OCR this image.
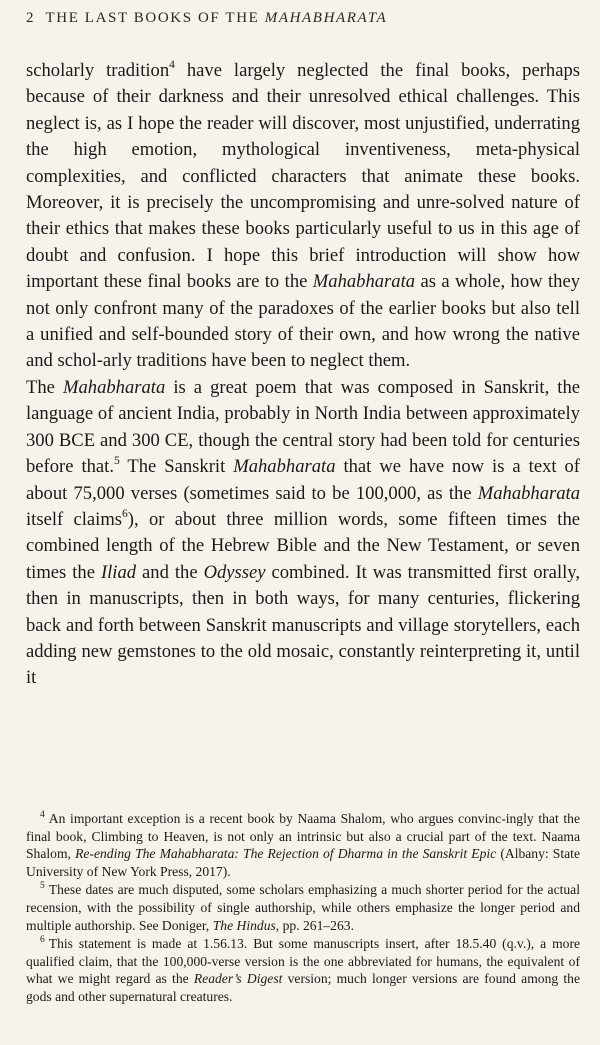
2 THE LAST BOOKS OF THE MAHABHARATA

scholarly tradition$^4$ have largely neglected the final books, perhaps because of their darkness and their unresolved ethical challenges. This neglect is, as I hope the reader will discover, most unjustified, underrating the high emotion, mythological inventiveness, meta-physical complexities, and conflicted characters that animate these books. Moreover, it is precisely the uncompromising and unre-solved nature of their ethics that makes these books particularly useful to us in this age of doubt and confusion. I hope this brief introduction will show how important these final books are to the Mahabharata as a whole, how they not only confront many of the paradoxes of the earlier books but also tell a unified and self-bounded story of their own, and how wrong the native and schol-arly traditions have been to neglect them.

The Mahabharata is a great poem that was composed in Sanskrit, the language of ancient India, probably in North India between approximately 300 BCE and 300 CE, though the central story had been told for centuries before that.$^5$ The Sanskrit Mahabharata that we have now is a text of about 75,000 verses (sometimes said to be 100,000, as the Mahabharata itself claims$^6$), or about three million words, some fifteen times the combined length of the Hebrew Bible and the New Testament, or seven times the Iliad and the Odyssey combined. It was transmitted first orally, then in manuscripts, then in both ways, for many centuries, flickering back and forth between Sanskrit manuscripts and village storytellers, each adding new gemstones to the old mosaic, constantly reinterpreting it, until it

$^4$ An important exception is a recent book by Naama Shalom, who argues convinc-ingly that the final book, Climbing to Heaven, is not only an intrinsic but also a crucial part of the text. Naama Shalom, Re-ending The Mahabharata: The Rejection of Dharma in the Sanskrit Epic (Albany: State University of New York Press, 2017).

$^5$ These dates are much disputed, some scholars emphasizing a much shorter period for the actual recension, with the possibility of single authorship, while others emphasize the longer period and multiple authorship. See Doniger, The Hindus, pp. 261–263.

$^6$ This statement is made at 1.56.13. But some manuscripts insert, after 18.5.40 (q.v.), a more qualified claim, that the 100,000-verse version is the one abbreviated for humans, the equivalent of what we might regard as the Reader’s Digest version; much longer versions are found among the gods and other supernatural creatures.
